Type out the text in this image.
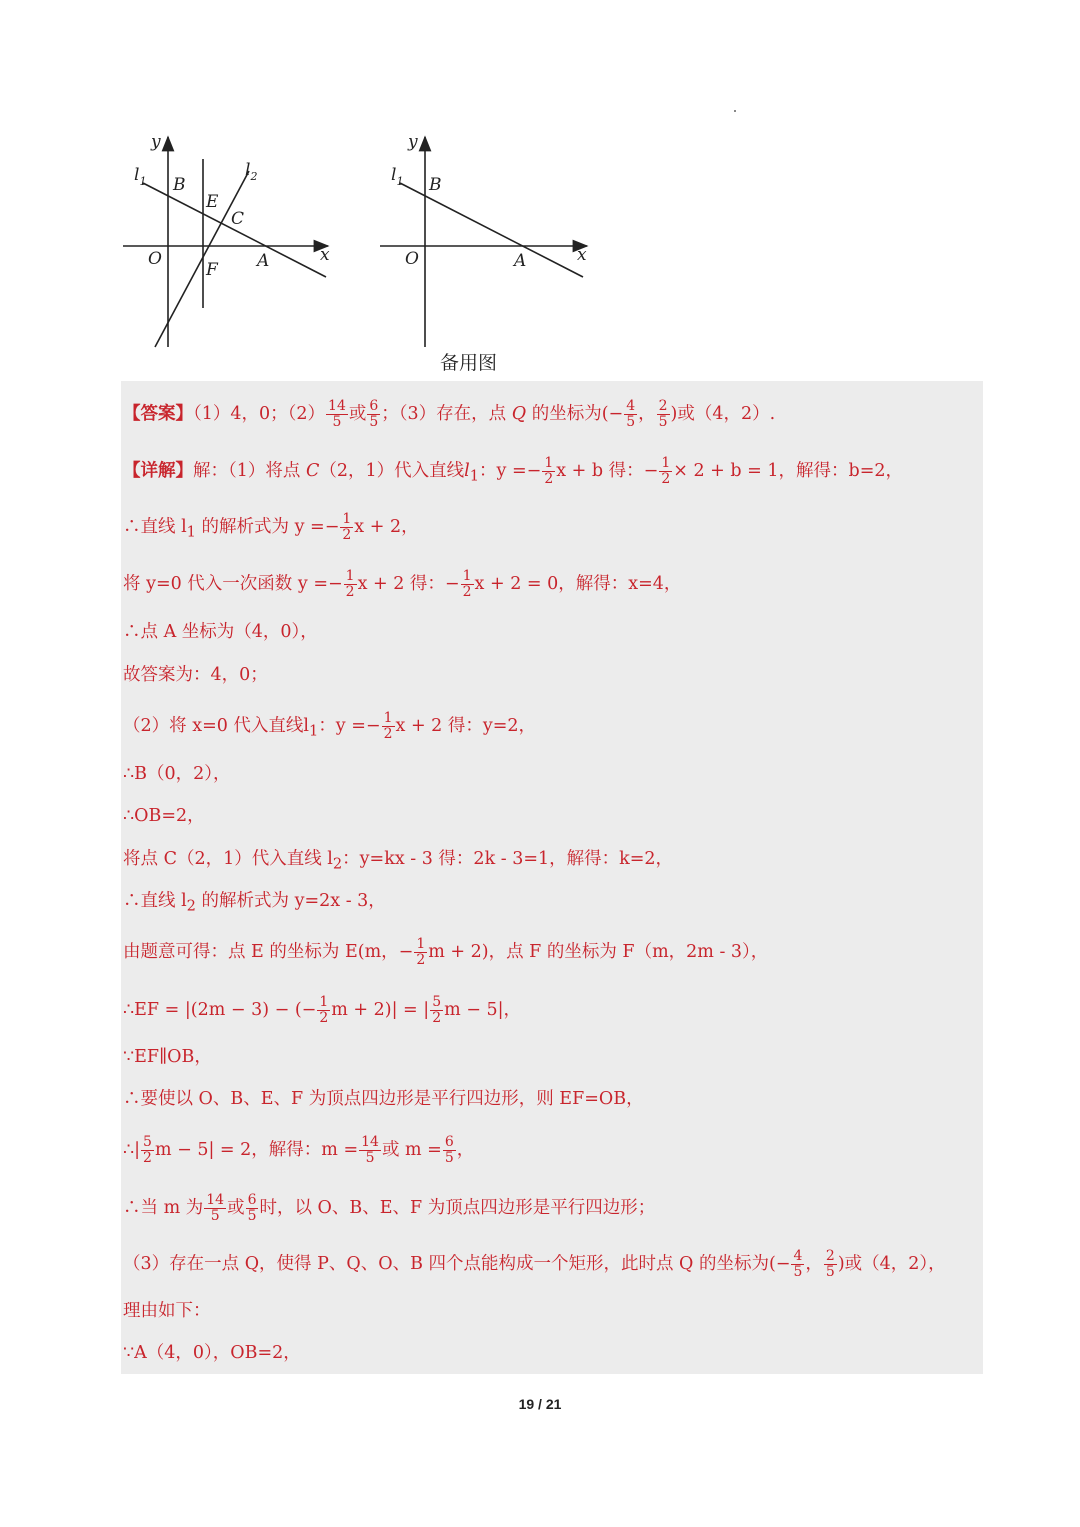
y
x
$l_1$
$l_2$
B
E
C
O
F A
y
x
$l_1$ B
O	A
备用图
【答案】（1）4，0；$(2) \frac{14}{5}$ 或 $\frac{6}{5}$ ；（3）存在，点 Q 的坐标为(− $\frac{4}{5}$ ， $\frac{2}{5}$ )或（4，2）.
【详解】解：（1）将点 C（2，1）代入直线$l_1$：$y =- \frac{1}{2}$ x + b 得：− $\frac{1}{2} \times 2 + b = 1$，解得：b=2，
∴直线 $l_1$ 的解析式为 $y =- \frac{1}{2}$ x + 2，
将 y=0 代入一次函数 $y =- \frac{1}{2}$ x + 2 得：− $\frac{1}{2}$ x + 2 = 0，解得：x=4，
∴点 A 坐标为（4，0），
故答案为：4，0；
（2）将 x=0 代入直线$l_1$：$y =- \frac{1}{2}$ x + 2 得：y=2，
∴B（0，2），
∴OB=2，
将点 C（2，1）代入直线 $l_2$：y=kx - 3 得：2k - 3=1，解得：k=2，
∴直线 $l_2$ 的解析式为 y=2x - 3，
由题意可得：点 E 的坐标为 E(m，− $\frac{1}{2}$ m + 2)，点 F 的坐标为 F（m，2m - 3），
∴EF = |(2m − 3) − (− $\frac{1}{2}$ m + 2)| = | $\frac{5}{2}$ m − 5|，
∵EF∥OB，
∴要使以 O、B、E、F 为顶点四边形是平行四边形，则 EF=OB，
∴| $\frac{5}{2}$ m − 5| = 2，解得：$m = \frac{14}{5}$ 或 $m = \frac{6}{5}$ ，
∴当 m 为 $\frac{14}{5}$ 或 $\frac{6}{5}$ 时，以 O、B、E、F 为顶点四边形是平行四边形；
（3）存在一点 Q，使得 P、Q、O、B 四个点能构成一个矩形，此时点 Q 的坐标为(− $\frac{4}{5}$ ， $\frac{2}{5}$ )或（4，2），
理由如下：
∵A（4，0），OB=2，
19 / 21
